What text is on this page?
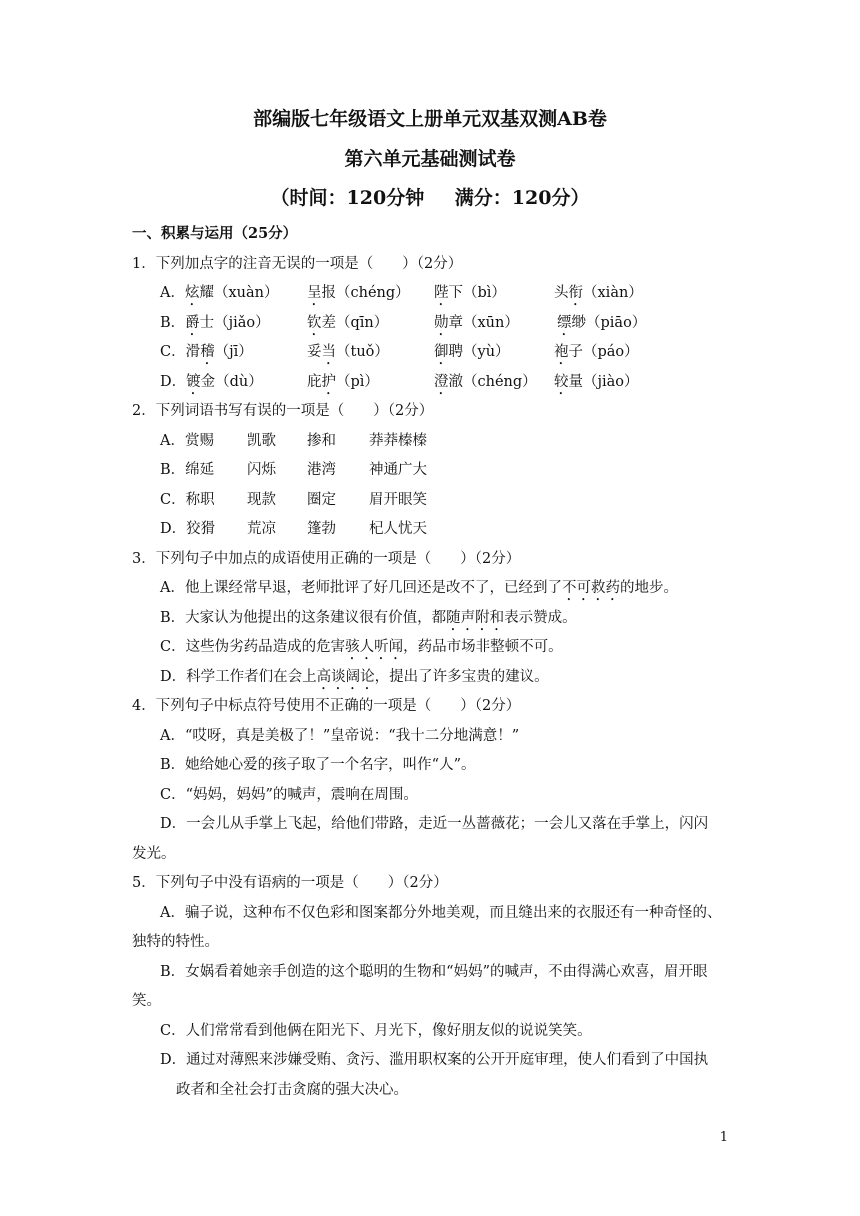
部编版七年级语文上册单元双基双测AB卷
第六单元基础测试卷
（时间：120分钟 满分：120分）
一、积累与运用（25分）
1．下列加点字的注音无误的一项是（　　）（2分）
A．炫耀（xuàn） 呈报（chéng） 陛下（bì）	头衔（xiàn）
B．爵士（jiǎo）	钦差（qīn）	勋章（xūn）	缥缈（piāo）
C．滑稽（jī）	妥当（tuǒ）	御聘（yù）	袍子（páo）
D．镀金（dù）	庇护（pì）	澄澈（chéng） 较量（jiào）
2．下列词语书写有误的一项是（　　）（2分）
A．赏赐 凯歌 掺和 莽莽榛榛
B．绵延 闪烁 港湾 神通广大
C．称职 现款 圈定 眉开眼笑
D．狡猾 荒凉 篷勃 杞人忧天
3．下列句子中加点的成语使用正确的一项是（　　）（2分）
A．他上课经常早退，老师批评了好几回还是改不了，已经到了不可救药的地步。
B．大家认为他提出的这条建议很有价值，都随声附和表示赞成。
C．这些伪劣药品造成的危害骇人听闻，药品市场非整顿不可。
D．科学工作者们在会上高谈阔论，提出了许多宝贵的建议。
4．下列句子中标点符号使用不正确的一项是（　　）（2分）
A．“哎呀，真是美极了！”皇帝说：“我十二分地满意！”
B．她给她心爱的孩子取了一个名字，叫作“人”。
C．“妈妈，妈妈”的喊声，震响在周围。
D．一会儿从手掌上飞起，给他们带路，走近一丛蔷薇花；一会儿又落在手掌上，闪闪
发光。
5．下列句子中没有语病的一项是（　　）（2分）
A．骗子说，这种布不仅色彩和图案都分外地美观，而且缝出来的衣服还有一种奇怪的、
独特的特性。
B．女娲看着她亲手创造的这个聪明的生物和“妈妈”的喊声，不由得满心欢喜，眉开眼
笑。
C．人们常常看到他俩在阳光下、月光下，像好朋友似的说说笑笑。
D．通过对薄熙来涉嫌受贿、贪污、滥用职权案的公开开庭审理，使人们看到了中国执
政者和全社会打击贪腐的强大决心。
1
